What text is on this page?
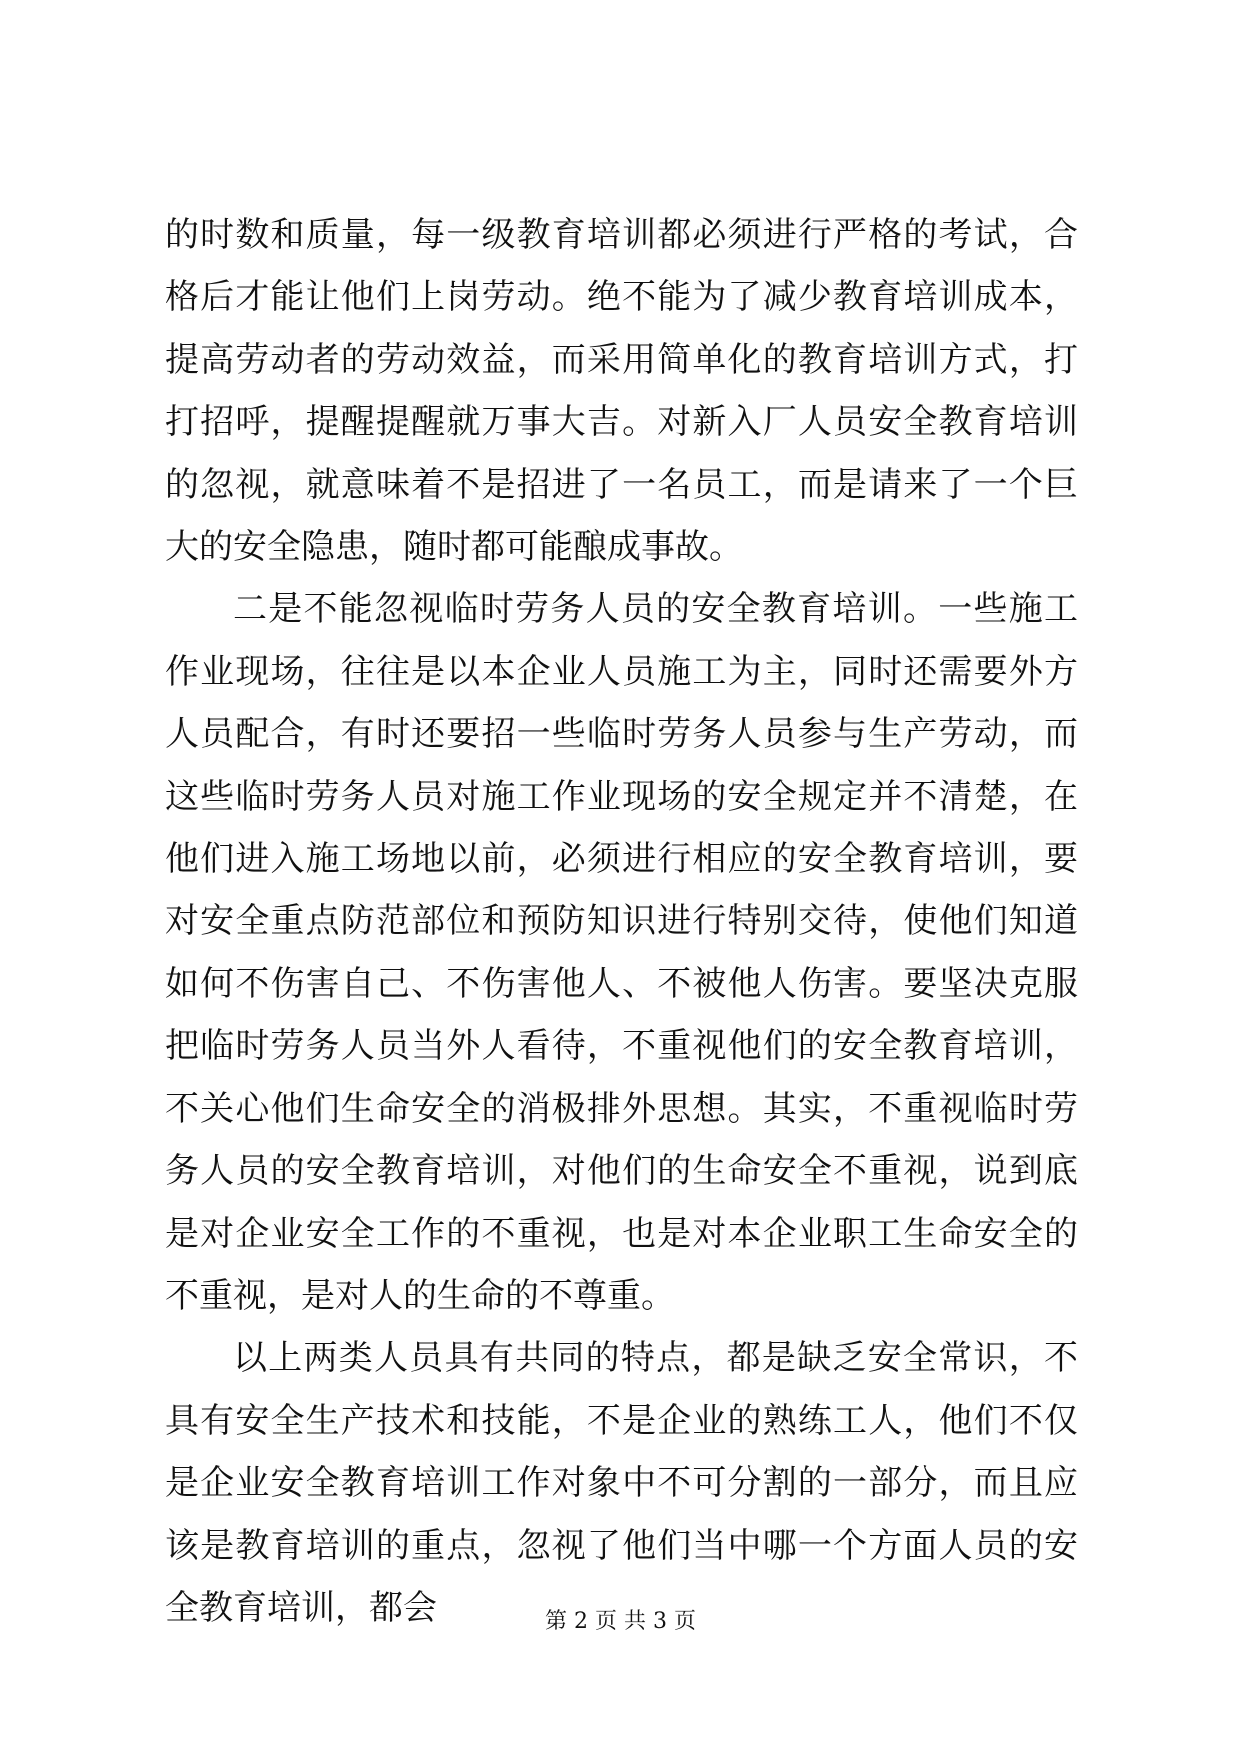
的时数和质量，每一级教育培训都必须进行严格的考试，合格后才能让他们上岗劳动。绝不能为了减少教育培训成本，提高劳动者的劳动效益，而采用简单化的教育培训方式，打打招呼，提醒提醒就万事大吉。对新入厂人员安全教育培训的忽视，就意味着不是招进了一名员工，而是请来了一个巨大的安全隐患，随时都可能酿成事故。

二是不能忽视临时劳务人员的安全教育培训。一些施工作业现场，往往是以本企业人员施工为主，同时还需要外方人员配合，有时还要招一些临时劳务人员参与生产劳动，而这些临时劳务人员对施工作业现场的安全规定并不清楚，在他们进入施工场地以前，必须进行相应的安全教育培训，要对安全重点防范部位和预防知识进行特别交待，使他们知道如何不伤害自己、不伤害他人、不被他人伤害。要坚决克服把临时劳务人员当外人看待，不重视他们的安全教育培训，不关心他们生命安全的消极排外思想。其实，不重视临时劳务人员的安全教育培训，对他们的生命安全不重视，说到底是对企业安全工作的不重视，也是对本企业职工生命安全的不重视，是对人的生命的不尊重。

以上两类人员具有共同的特点，都是缺乏安全常识，不具有安全生产技术和技能，不是企业的熟练工人，他们不仅是企业安全教育培训工作对象中不可分割的一部分，而且应该是教育培训的重点，忽视了他们当中哪一个方面人员的安全教育培训，都会	第 2 页 共 3 页
